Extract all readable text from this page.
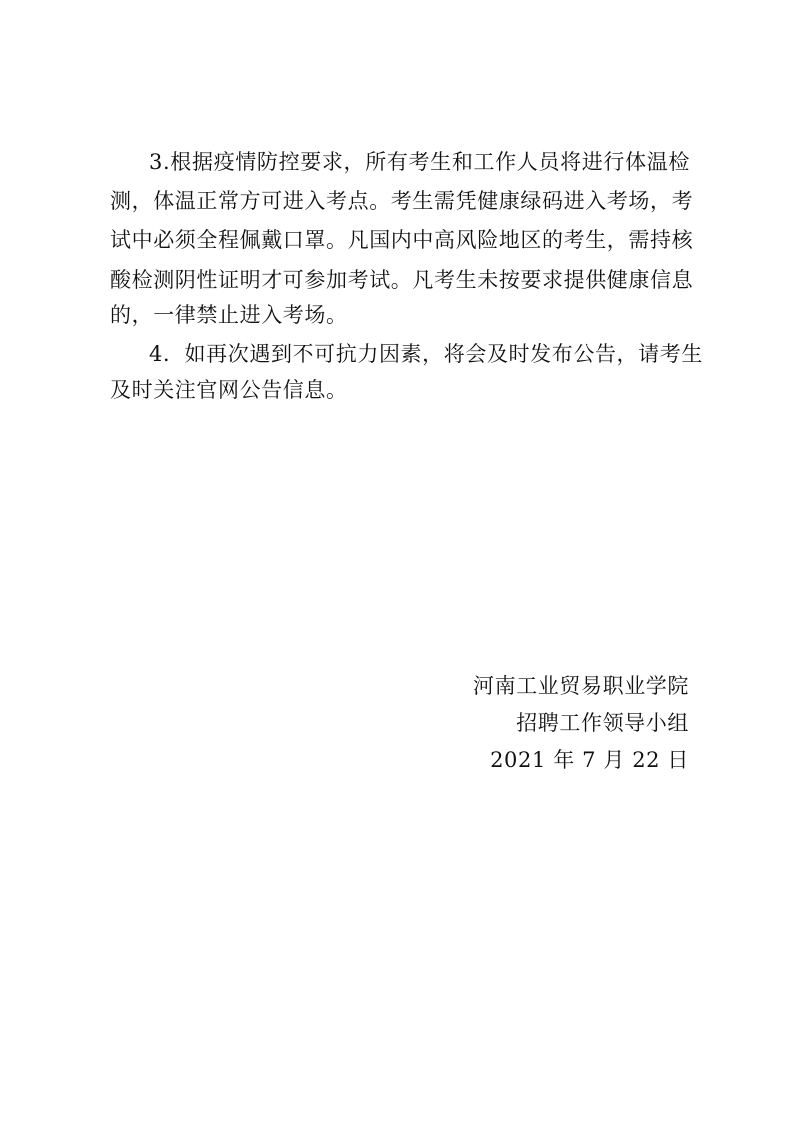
3.根据疫情防控要求，所有考生和工作人员将进行体温检
测，体温正常方可进入考点。考生需凭健康绿码进入考场，考
试中必须全程佩戴口罩。凡国内中高风险地区的考生，需持核
酸检测阴性证明才可参加考试。凡考生未按要求提供健康信息
的，一律禁止进入考场。
4．如再次遇到不可抗力因素，将会及时发布公告，请考生
及时关注官网公告信息。
河南工业贸易职业学院
招聘工作领导小组
2021 年 7 月 22 日
